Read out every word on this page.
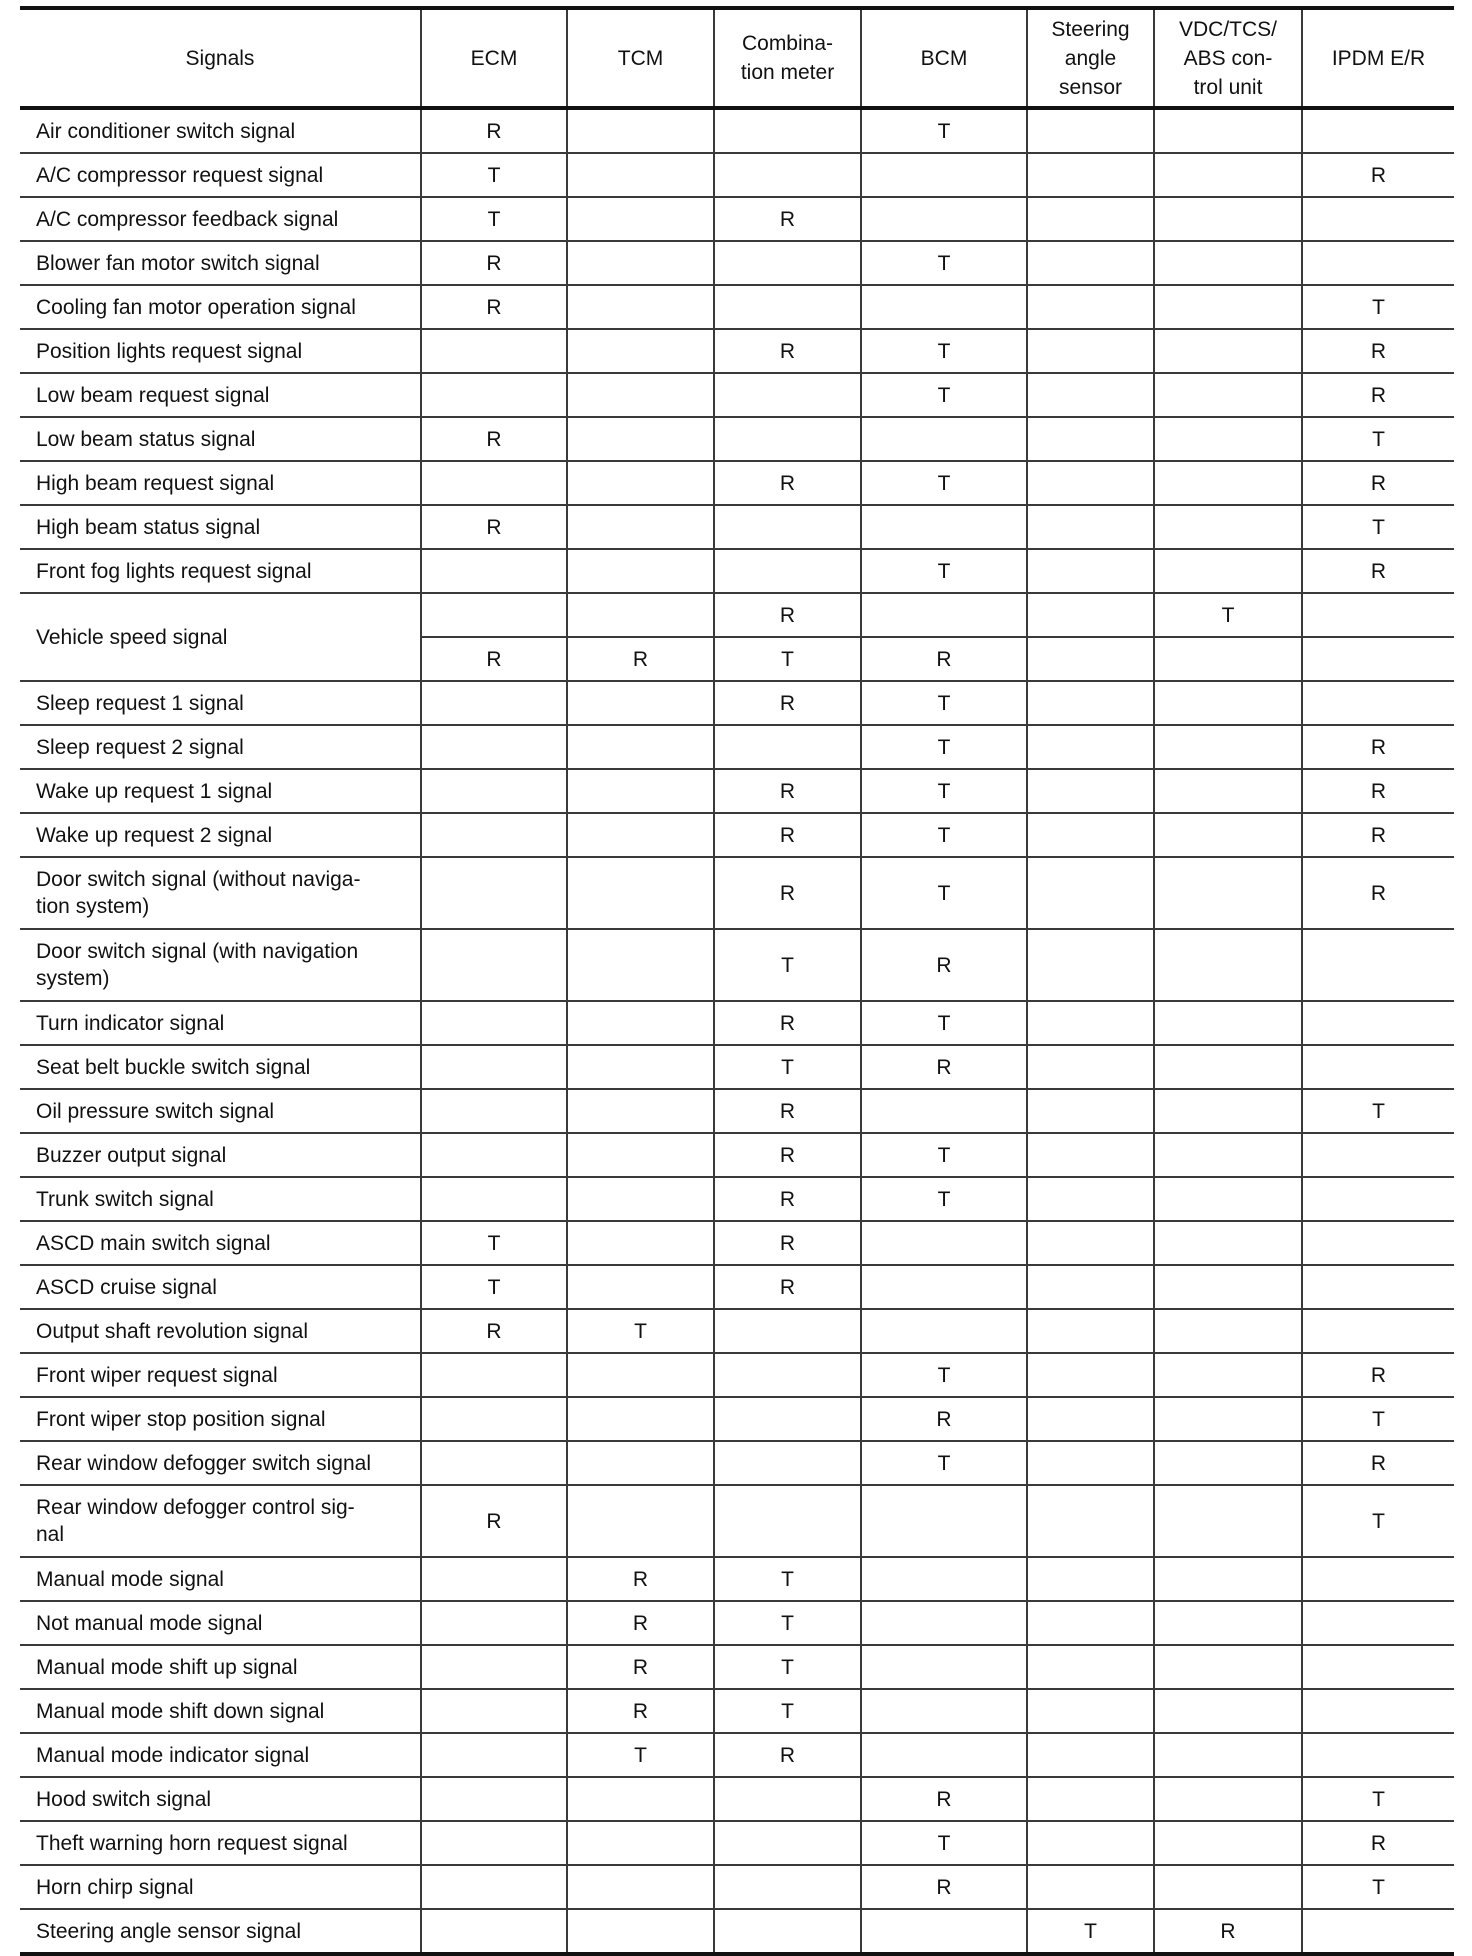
Signals	ECM	TCM	Combina-
tion meter	BCM	Steering
angle
sensor	VDC/TCS/
ABS con-
trol unit	IPDM E/R
Air conditioner switch signal	R			T			
A/C compressor request signal	T						R
A/C compressor feedback signal	T		R				
Blower fan motor switch signal	R			T			
Cooling fan motor operation signal	R						T
Position lights request signal			R	T			R
Low beam request signal				T			R
Low beam status signal	R						T
High beam request signal			R	T			R
High beam status signal	R						T
Front fog lights request signal				T			R
Vehicle speed signal			R			T	
	R	R	T	R			
Sleep request 1 signal			R	T			
Sleep request 2 signal				T			R
Wake up request 1 signal			R	T			R
Wake up request 2 signal			R	T			R
Door switch signal (without naviga-
tion system)			R	T			R
Door switch signal (with navigation
system)			T	R			
Turn indicator signal			R	T			
Seat belt buckle switch signal			T	R			
Oil pressure switch signal			R				T
Buzzer output signal			R	T			
Trunk switch signal			R	T			
ASCD main switch signal	T		R				
ASCD cruise signal	T		R				
Output shaft revolution signal	R	T					
Front wiper request signal				T			R
Front wiper stop position signal				R			T
Rear window defogger switch signal				T			R
Rear window defogger control sig-
nal	R						T
Manual mode signal		R	T				
Not manual mode signal		R	T				
Manual mode shift up signal		R	T				
Manual mode shift down signal		R	T				
Manual mode indicator signal		T	R				
Hood switch signal				R			T
Theft warning horn request signal				T			R
Horn chirp signal				R			T
Steering angle sensor signal					T	R	
